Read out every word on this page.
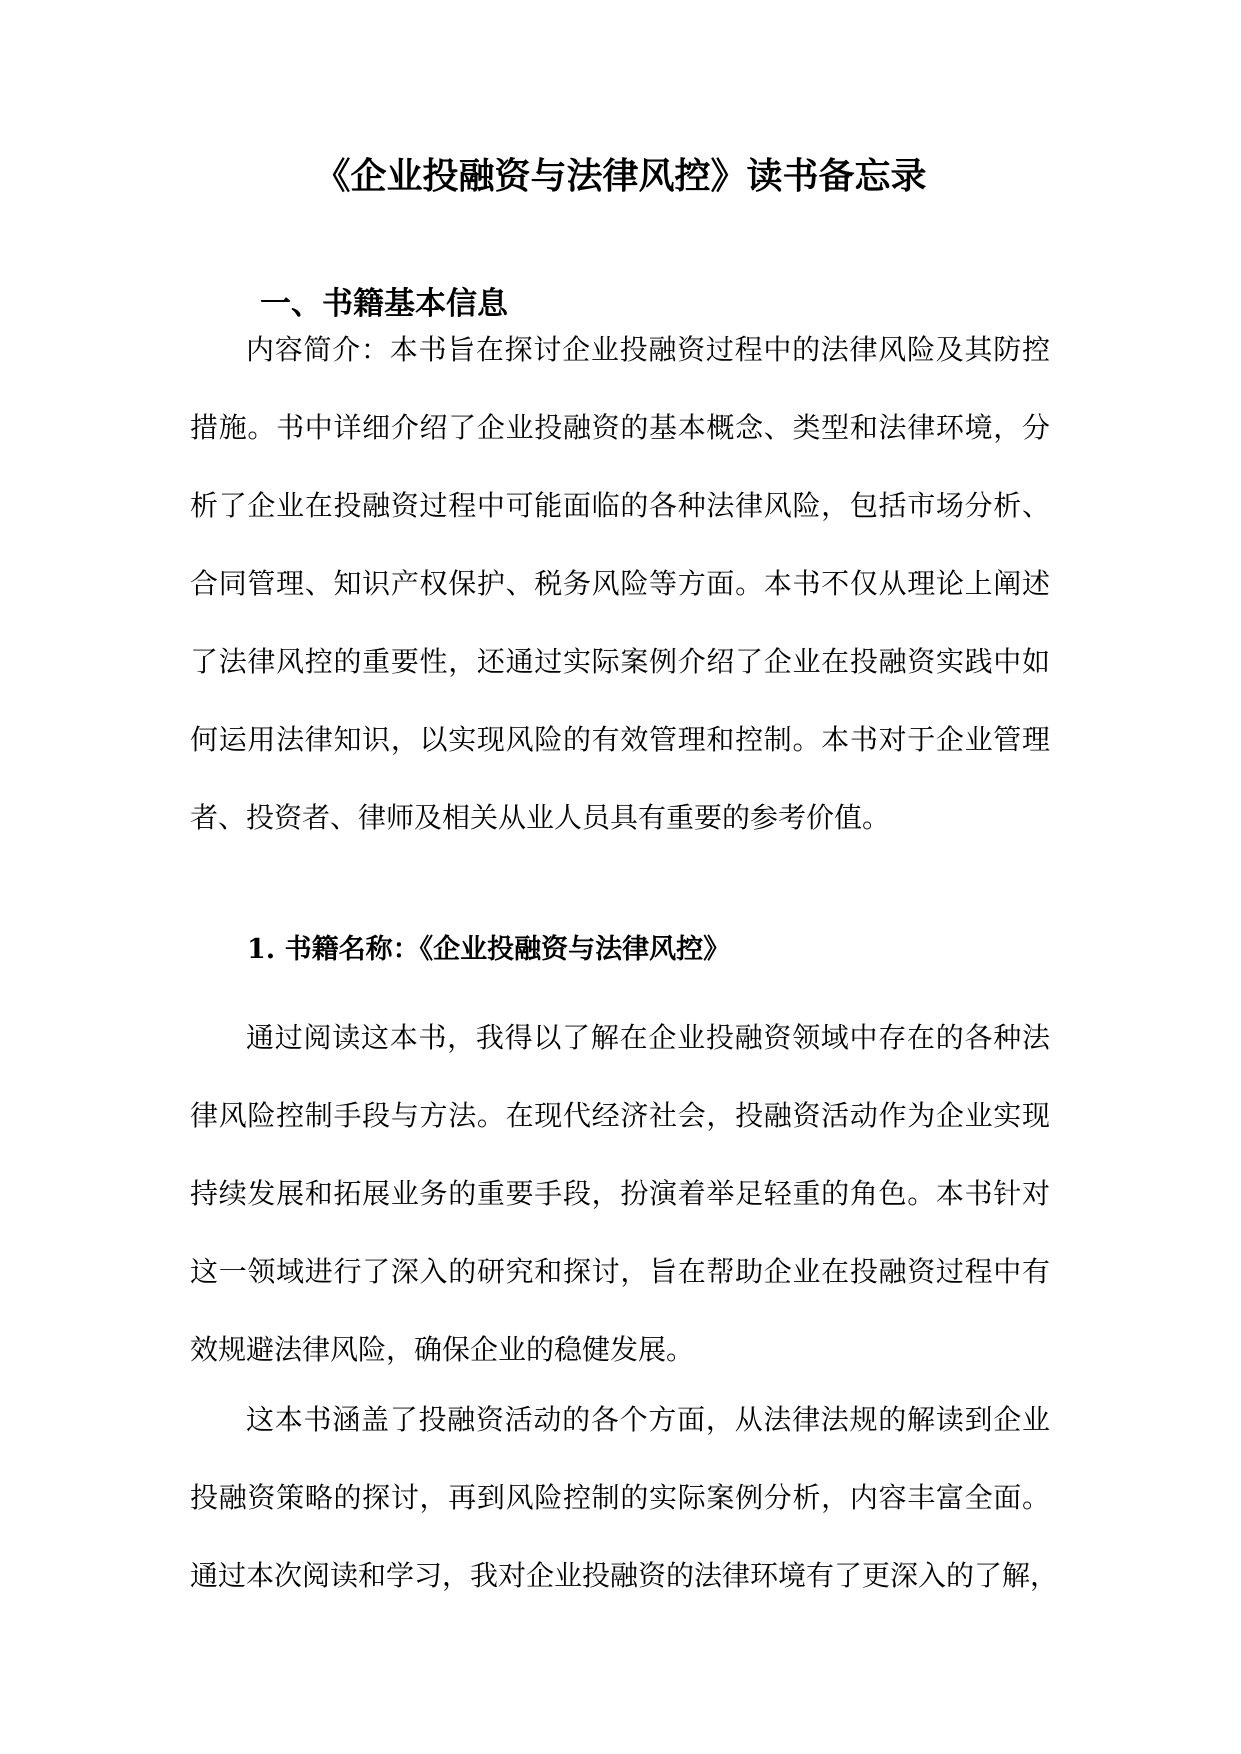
《企业投融资与法律风控》读书备忘录
一、书籍基本信息
内容简介：本书旨在探讨企业投融资过程中的法律风险及其防控
措施。书中详细介绍了企业投融资的基本概念、类型和法律环境，分
析了企业在投融资过程中可能面临的各种法律风险，包括市场分析、
合同管理、知识产权保护、税务风险等方面。本书不仅从理论上阐述
了法律风控的重要性，还通过实际案例介绍了企业在投融资实践中如
何运用法律知识，以实现风险的有效管理和控制。本书对于企业管理
者、投资者、律师及相关从业人员具有重要的参考价值。
1. 书籍名称：《企业投融资与法律风控》
通过阅读这本书，我得以了解在企业投融资领域中存在的各种法
律风险控制手段与方法。在现代经济社会，投融资活动作为企业实现
持续发展和拓展业务的重要手段，扮演着举足轻重的角色。本书针对
这一领域进行了深入的研究和探讨，旨在帮助企业在投融资过程中有
效规避法律风险，确保企业的稳健发展。
这本书涵盖了投融资活动的各个方面，从法律法规的解读到企业
投融资策略的探讨，再到风险控制的实际案例分析，内容丰富全面。
通过本次阅读和学习，我对企业投融资的法律环境有了更深入的了解，
